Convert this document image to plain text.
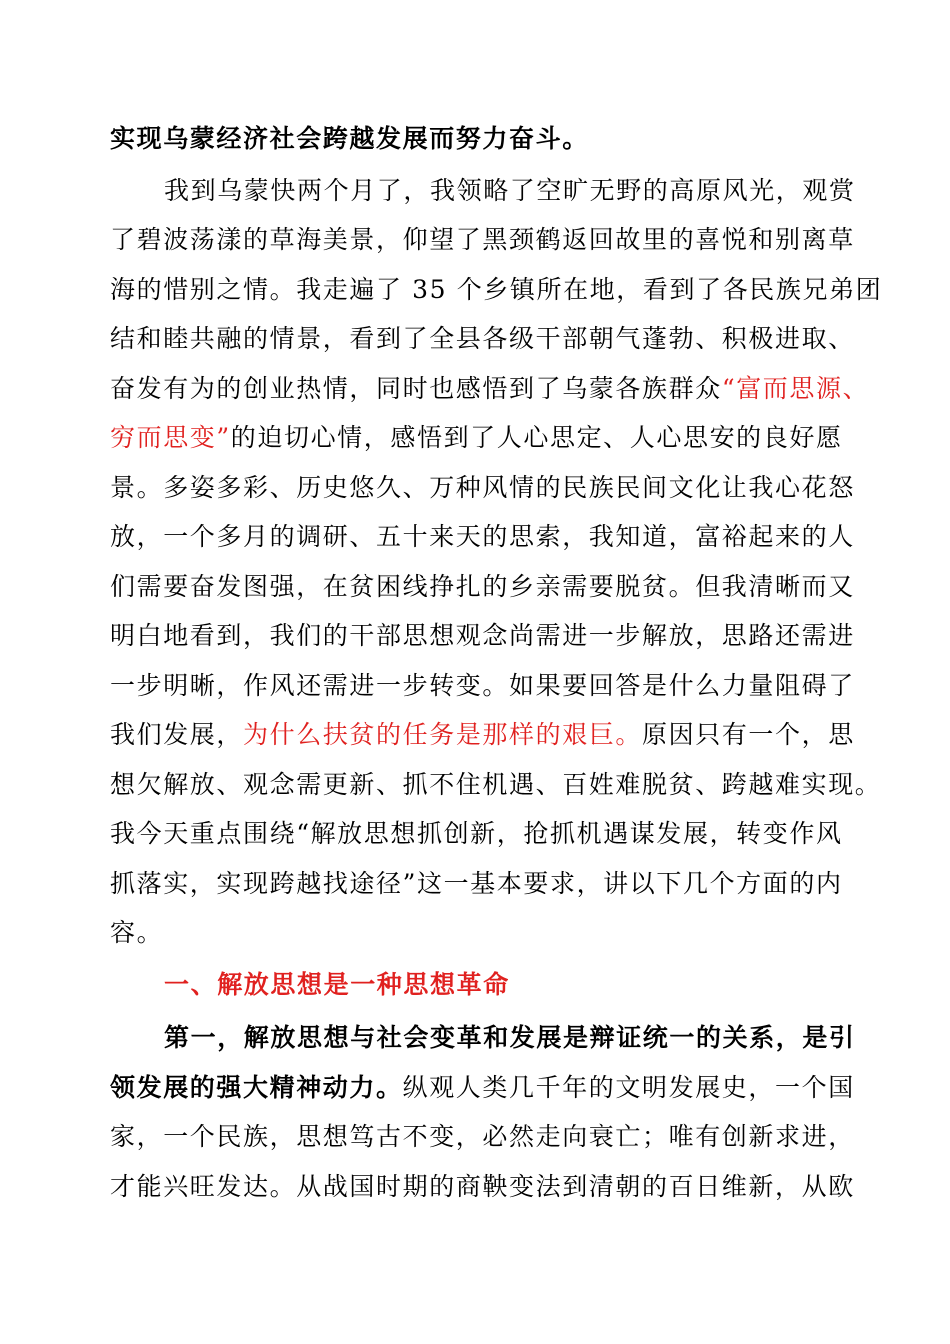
实现乌蒙经济社会跨越发展而努力奋斗。

我到乌蒙快两个月了，我领略了空旷无野的高原风光，观赏
了碧波荡漾的草海美景，仰望了黑颈鹤返回故里的喜悦和别离草
海的惜别之情。我走遍了 35 个乡镇所在地，看到了各民族兄弟团
结和睦共融的情景，看到了全县各级干部朝气蓬勃、积极进取、
奋发有为的创业热情，同时也感悟到了乌蒙各族群众“富而思源、
穷而思变”的迫切心情，感悟到了人心思定、人心思安的良好愿
景。多姿多彩、历史悠久、万种风情的民族民间文化让我心花怒
放，一个多月的调研、五十来天的思索，我知道，富裕起来的人
们需要奋发图强，在贫困线挣扎的乡亲需要脱贫。但我清晰而又
明白地看到，我们的干部思想观念尚需进一步解放，思路还需进
一步明晰，作风还需进一步转变。如果要回答是什么力量阻碍了
我们发展，为什么扶贫的任务是那样的艰巨。原因只有一个，思
想欠解放、观念需更新、抓不住机遇、百姓难脱贫、跨越难实现。
我今天重点围绕“解放思想抓创新，抢抓机遇谋发展，转变作风
抓落实，实现跨越找途径”这一基本要求，讲以下几个方面的内
容。

一、解放思想是一种思想革命

第一，解放思想与社会变革和发展是辩证统一的关系，是引
领发展的强大精神动力。纵观人类几千年的文明发展史，一个国
家，一个民族，思想笃古不变，必然走向衰亡；唯有创新求进，
才能兴旺发达。从战国时期的商鞅变法到清朝的百日维新，从欧
